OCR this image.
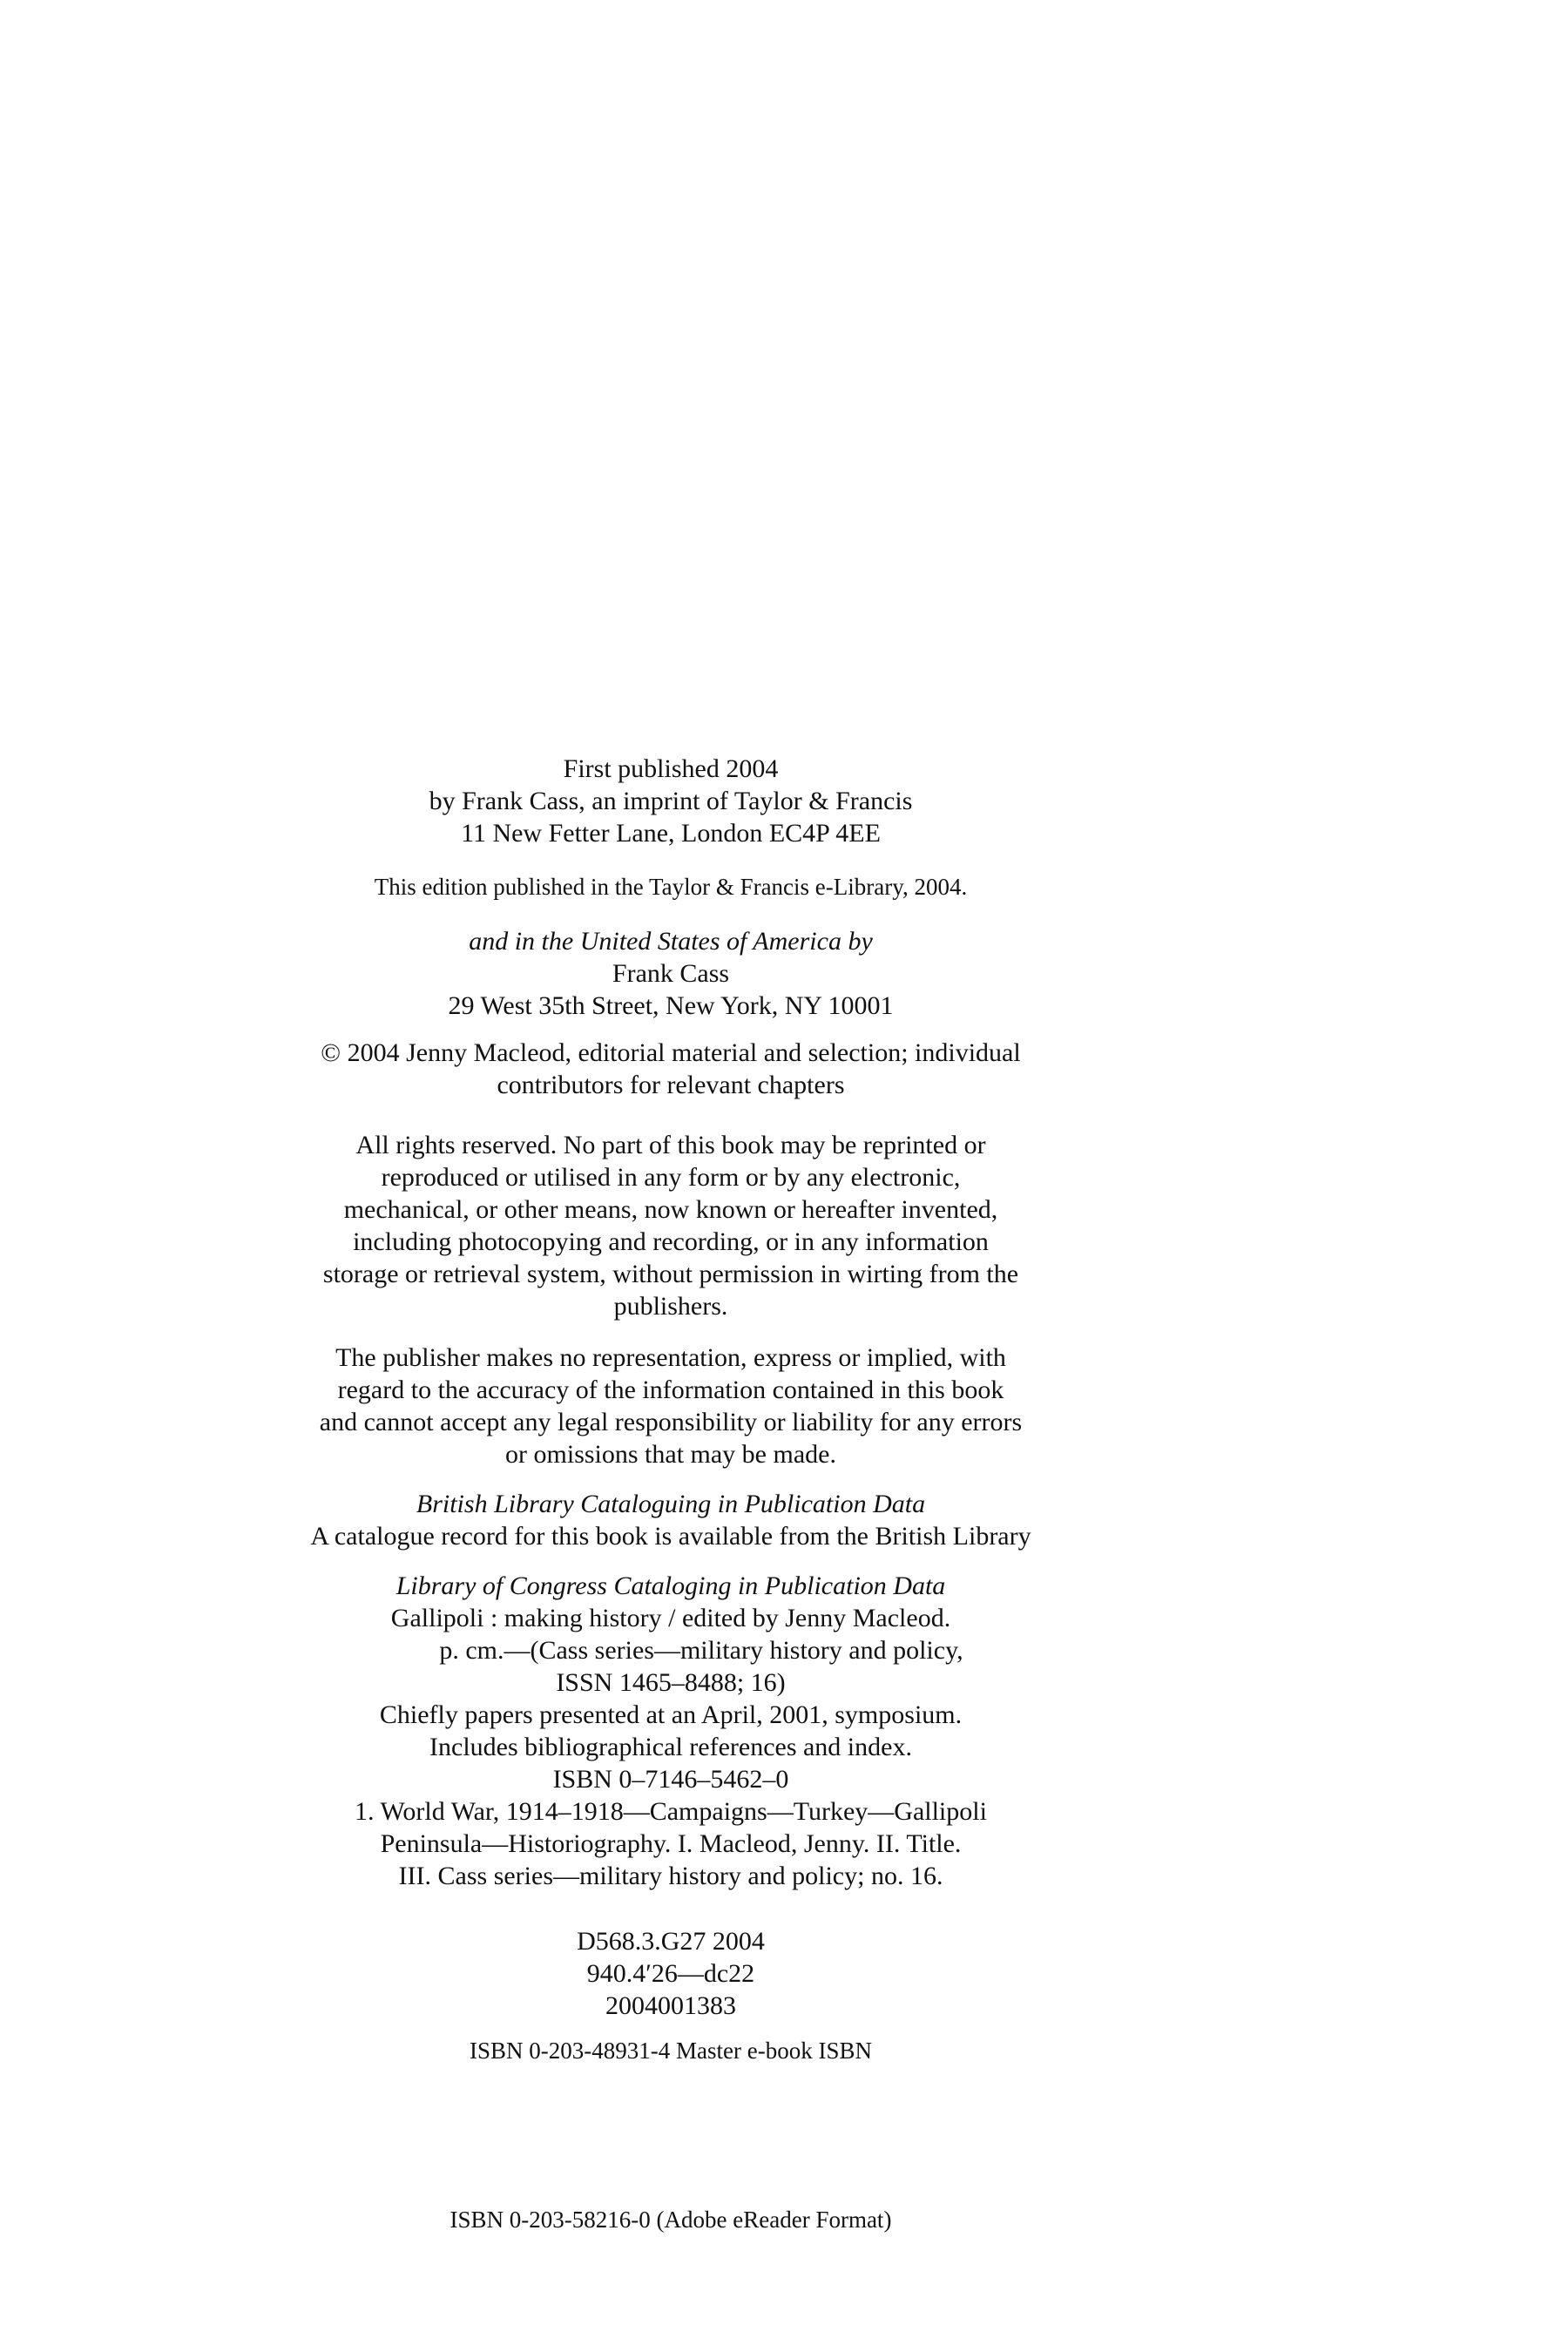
First published 2004
by Frank Cass, an imprint of Taylor & Francis
11 New Fetter Lane, London EC4P 4EE
This edition published in the Taylor & Francis e-Library, 2004.
and in the United States of America by
Frank Cass
29 West 35th Street, New York, NY 10001
© 2004 Jenny Macleod, editorial material and selection; individual
contributors for relevant chapters
All rights reserved. No part of this book may be reprinted or
reproduced or utilised in any form or by any electronic,
mechanical, or other means, now known or hereafter invented,
including photocopying and recording, or in any information
storage or retrieval system, without permission in wirting from the
publishers.
The publisher makes no representation, express or implied, with
regard to the accuracy of the information contained in this book
and cannot accept any legal responsibility or liability for any errors
or omissions that may be made.
British Library Cataloguing in Publication Data
A catalogue record for this book is available from the British Library
Library of Congress Cataloging in Publication Data
Gallipoli : making history / edited by Jenny Macleod.
p. cm.—(Cass series—military history and policy,
ISSN 1465–8488; 16)
Chiefly papers presented at an April, 2001, symposium.
Includes bibliographical references and index.
ISBN 0–7146–5462–0
1. World War, 1914–1918—Campaigns—Turkey—Gallipoli
Peninsula—Historiography. I. Macleod, Jenny. II. Title.
III. Cass series—military history and policy; no. 16.
D568.3.G27 2004
940.4′26—dc22
2004001383
ISBN 0-203-48931-4 Master e-book ISBN
ISBN 0-203-58216-0 (Adobe eReader Format)
